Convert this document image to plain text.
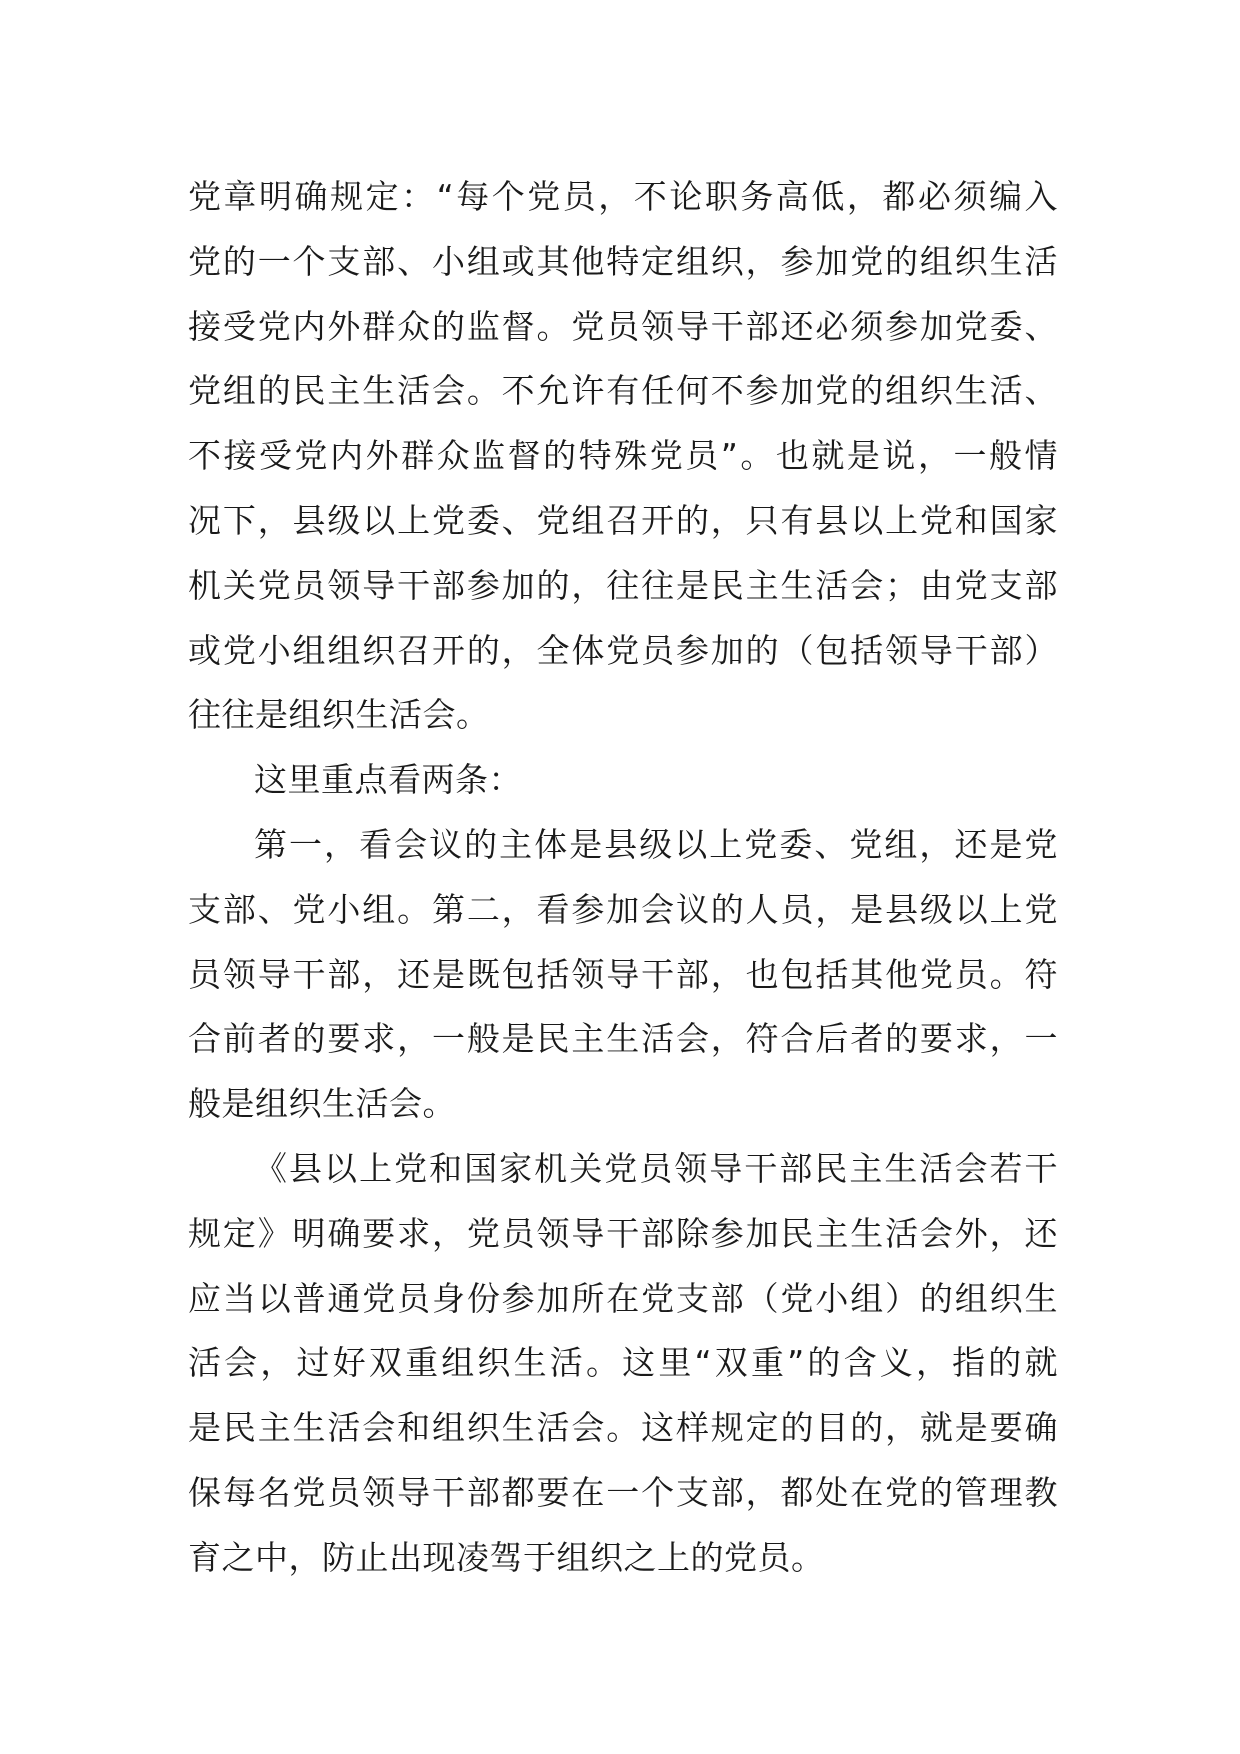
党章明确规定：“每个党员，不论职务高低，都必须编入
党的一个支部、小组或其他特定组织，参加党的组织生活
接受党内外群众的监督。党员领导干部还必须参加党委、
党组的民主生活会。不允许有任何不参加党的组织生活、
不接受党内外群众监督的特殊党员”。也就是说，一般情
况下，县级以上党委、党组召开的，只有县以上党和国家
机关党员领导干部参加的，往往是民主生活会；由党支部
或党小组组织召开的，全体党员参加的（包括领导干部）
往往是组织生活会。
这里重点看两条：
第一，看会议的主体是县级以上党委、党组，还是党
支部、党小组。第二，看参加会议的人员，是县级以上党
员领导干部，还是既包括领导干部，也包括其他党员。符
合前者的要求，一般是民主生活会，符合后者的要求，一
般是组织生活会。
《县以上党和国家机关党员领导干部民主生活会若干
规定》明确要求，党员领导干部除参加民主生活会外，还
应当以普通党员身份参加所在党支部（党小组）的组织生
活会，过好双重组织生活。这里“双重”的含义，指的就
是民主生活会和组织生活会。这样规定的目的，就是要确
保每名党员领导干部都要在一个支部，都处在党的管理教
育之中，防止出现凌驾于组织之上的党员。
